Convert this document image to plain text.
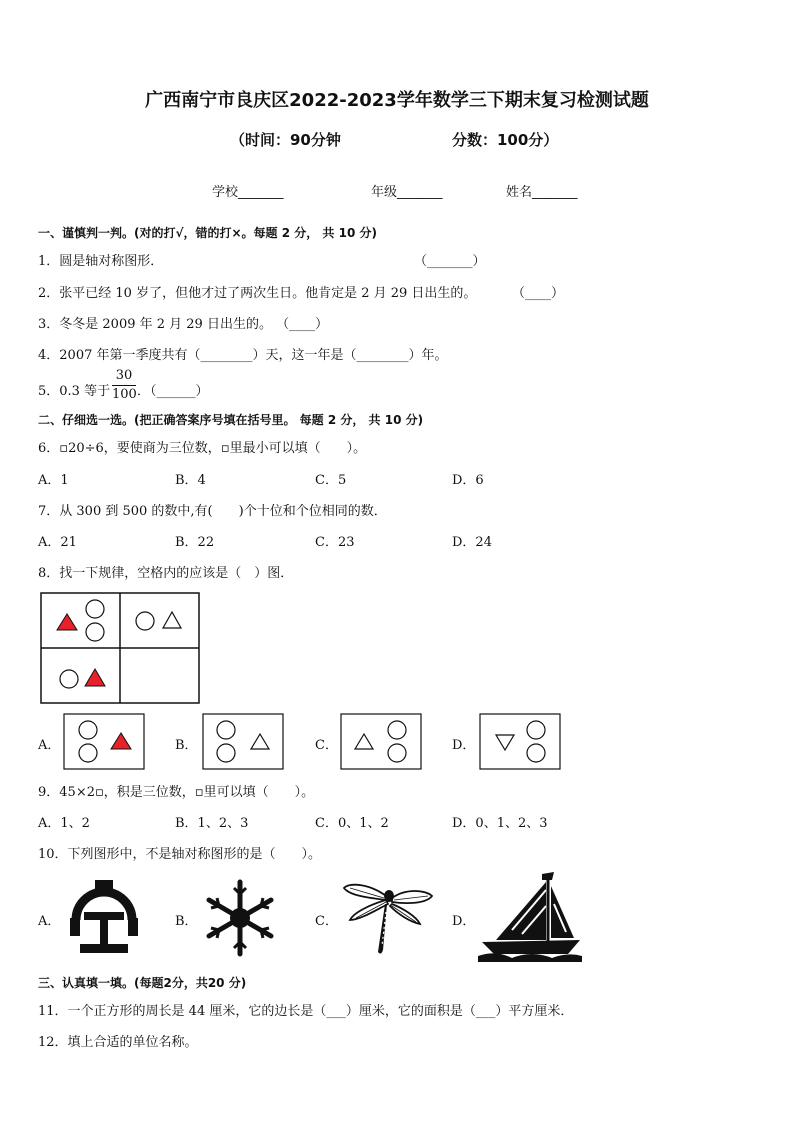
广西南宁市良庆区2022-2023学年数学三下期末复习检测试题
（时间：90分钟	分数：100分）
学校_______	年级_______	姓名_______
一、谨慎判一判。(对的打√，错的打×。每题 2 分， 共 10 分)
1．圆是轴对称图形．	（_______）
2．张平已经 10 岁了，但他才过了两次生日。他肯定是 2 月 29 日出生的。	（____）
3．冬冬是 2009 年 2 月 29 日出生的。 （____）
4．2007 年第一季度共有（________）天，这一年是（________）年。
5．0.3 等于
30
100 ．（______）
二、仔细选一选。(把正确答案序号填在括号里。 每题 2 分， 共 10 分)
6．▫20÷6，要使商为三位数，▫里最小可以填（　　）。
A．1	B．4	C．5	D．6
7．从 300 到 500 的数中,有(　　)个十位和个位相同的数．
A．21	B．22	C．23	D．24
8．找一下规律，空格内的应该是（　）图．
A．	B．	C．	D．
9．45×2▫，积是三位数，▫里可以填（　　）。
A．1、2	B．1、2、3	C．0、1、2	D．0、1、2、3
10．下列图形中，不是轴对称图形的是（　　）。
A．	B．	C．	D．
三、认真填一填。(每题2分，共20 分)
11．一个正方形的周长是 44 厘米，它的边长是（___）厘米，它的面积是（___）平方厘米．
12．填上合适的单位名称。
